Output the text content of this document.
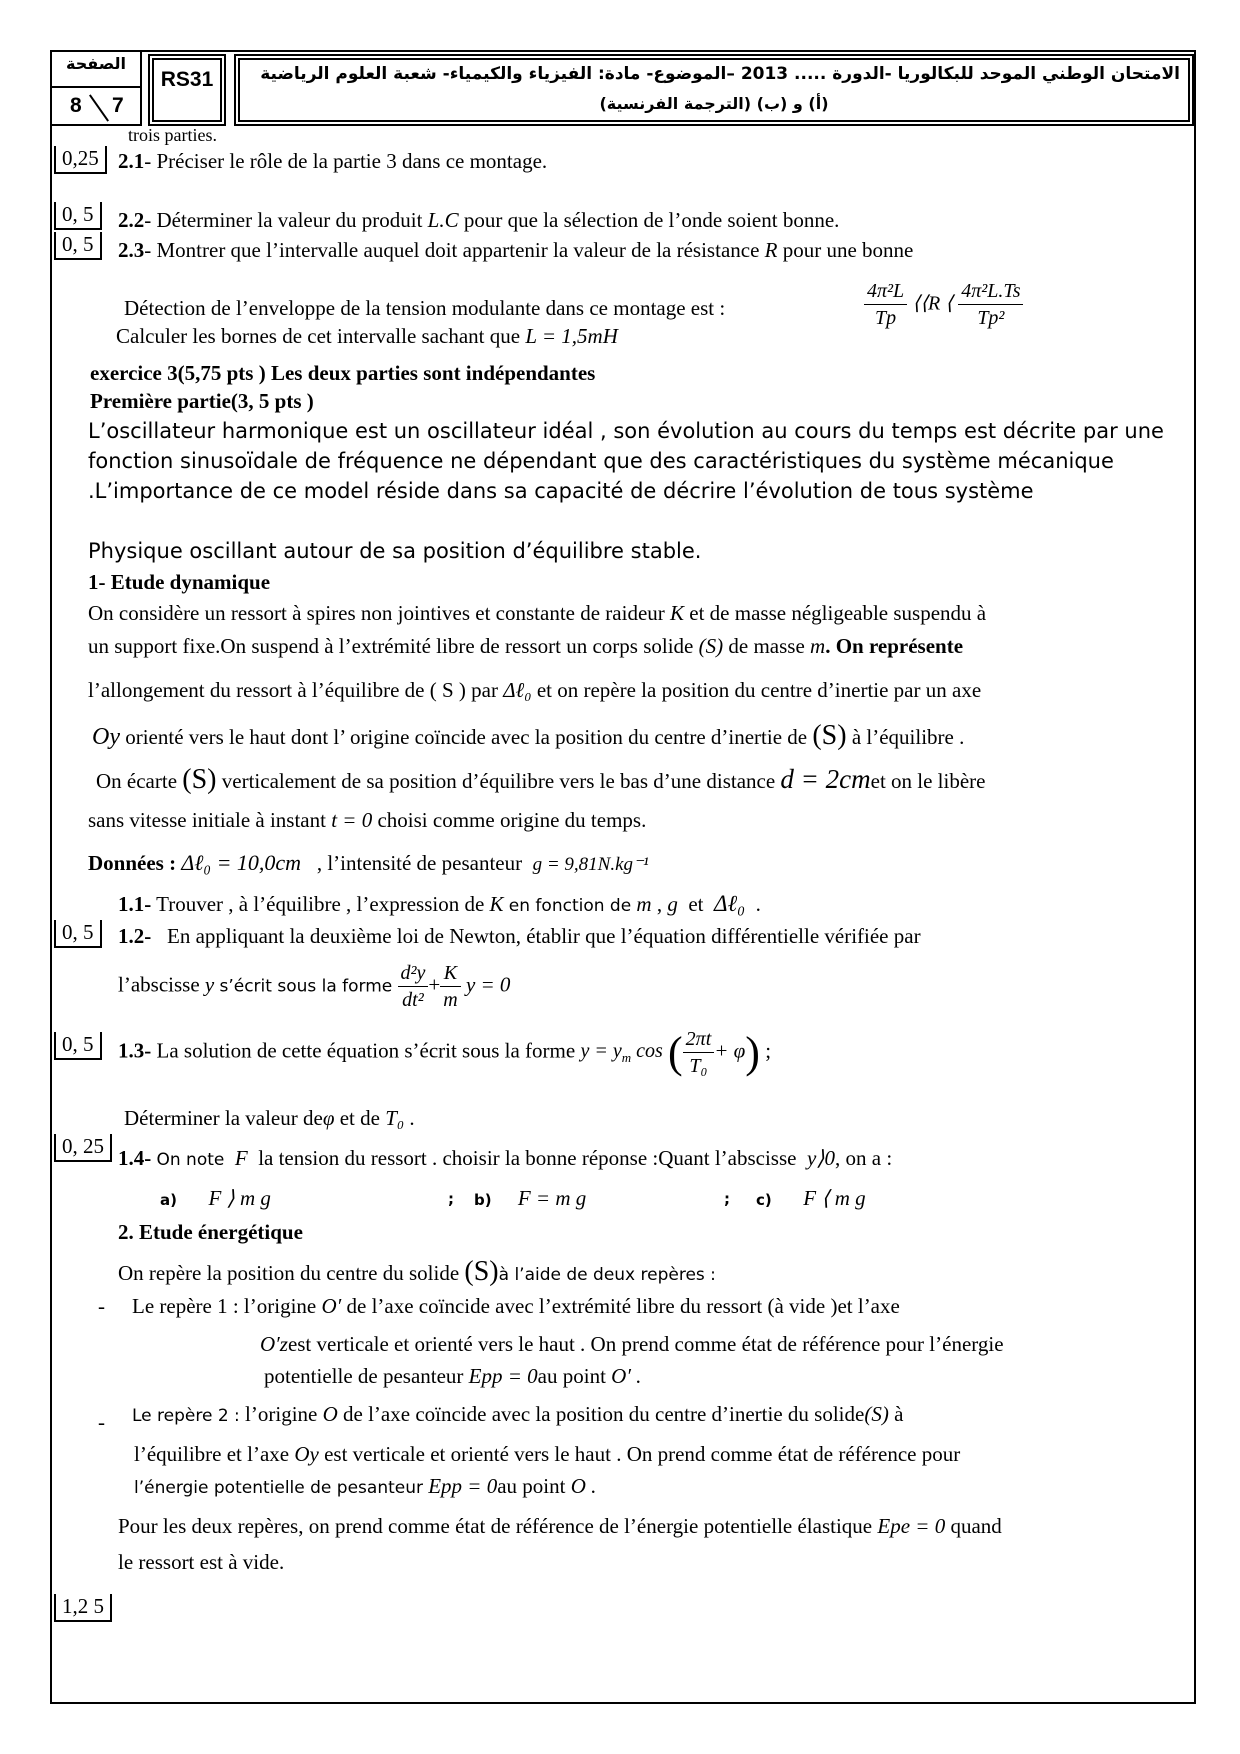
الصفحة
8 7
RS31	الامتحان الوطني الموحد للبكالوريا -الدورة ..... 2013 –الموضوع- مادة: الفيزياء والكيمياء- شعبة العلوم الرياضية
(أ) و (ب) (الترجمة الفرنسية)
trois parties.
0,25 2.1- Préciser le rôle de la partie 3 dans ce montage.
0, 5	2.2- Déterminer la valeur du produit L.C pour que la sélection de l’onde soient bonne.
0, 5	2.3- Montrer que l’intervalle auquel doit appartenir la valeur de la résistance R pour une bonne
Détection de l’enveloppe de la tension modulante dans ce montage est :
Calculer les bornes de cet intervalle sachant que L = 1,5mH
$\frac{\text{4π²L}}{Tp}$ ⟨⟨R ⟨ $\frac{\text{4π²L.Ts}}{\text{Tp²}}$
exercice 3(5,75 pts ) Les deux parties sont indépendantes
Première partie(3, 5 pts )
L’oscillateur harmonique est un oscillateur idéal , son évolution au cours du temps est décrite par une fonction sinusoïdale de fréquence ne dépendant que des caractéristiques du système mécanique .L’importance de ce model réside dans sa capacité de décrire l’évolution de tous système
Physique oscillant autour de sa position d’équilibre stable.
1- Etude dynamique
On considère un ressort à spires non jointives et constante de raideur K et de masse négligeable suspendu à
un support fixe.On suspend à l’extrémité libre de ressort un corps solide (S) de masse m. On représente
l’allongement du ressort à l’équilibre de ( S ) par Δℓ₀ et on repère la position du centre d’inertie par un axe
Oy orienté vers le haut dont l’ origine coïncide avec la position du centre d’inertie de (S) à l’équilibre .
On écarte (S) verticalement de sa position d’équilibre vers le bas d’une distance d = 2cmet on le libère
sans vitesse initiale à instant t = 0 choisi comme origine du temps.
Données : Δℓ₀ = 10,0cm , l’intensité de pesanteur g = 9,81N.kg⁻¹
1.1- Trouver , à l’équilibre , l’expression de K en fonction de m , g et Δℓ₀  .
0, 5	1.2- En appliquant la deuxième loi de Newton, établir que l’équation différentielle vérifiée par
l’abscisse y s’écrit sous la forme $\frac{\text{d²y}}{\text{dt²}} + \frac{K}{m}$ y = 0
0, 5	1.3- La solution de cette équation s’écrit sous la forme $y = y_m$ cos ( $\frac{2\pi t}{\text{T₀}} + \varphi$) ;
Déterminer la valeur deφ et de T₀ .
0, 25 1.4- On note F la tension du ressort . choisir la bonne réponse :Quant l’abscisse y⟩0, on a :
a) F ⟩ m g	; b) F = m g	; c) F ⟨ m g
2. Etude énergétique
On repère la position du centre du solide (S)à l’aide de deux repères :
- Le repère 1 : l’origine O′ de l’axe coïncide avec l’extrémité libre du ressort (à vide )et l’axe
O′zest verticale et orienté vers le haut . On prend comme état de référence pour l’énergie
potentielle de pesanteur Epp = 0au point O′ .
- Le repère 2 : l’origine O de l’axe coïncide avec la position du centre d’inertie du solide(S) à
l’équilibre et l’axe Oy est verticale et orienté vers le haut . On prend comme état de référence pour
l’énergie potentielle de pesanteur Epp = 0au point O .
Pour les deux repères, on prend comme état de référence de l’énergie potentielle élastique Epe = 0 quand
le ressort est à vide.
1,2 5
